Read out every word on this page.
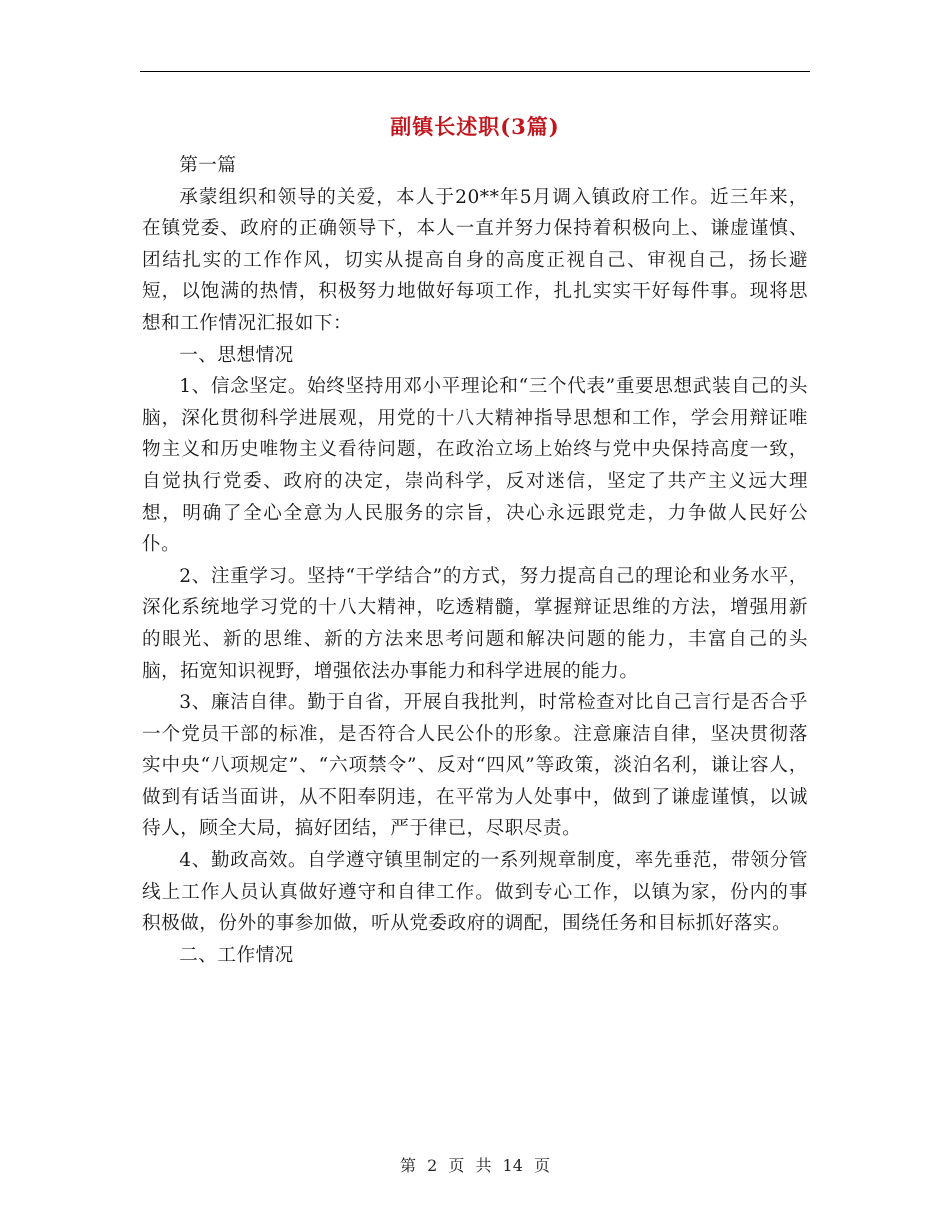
副镇长述职(3篇)

第一篇

承蒙组织和领导的关爱，本人于20**年5月调入镇政府工作。近三年来，在镇党委、政府的正确领导下，本人一直并努力保持着积极向上、谦虚谨慎、团结扎实的工作作风，切实从提高自身的高度正视自己、审视自己，扬长避短，以饱满的热情，积极努力地做好每项工作，扎扎实实干好每件事。现将思想和工作情况汇报如下：

一、思想情况

1、信念坚定。始终坚持用邓小平理论和“三个代表”重要思想武装自己的头脑，深化贯彻科学进展观，用党的十八大精神指导思想和工作，学会用辩证唯物主义和历史唯物主义看待问题，在政治立场上始终与党中央保持高度一致，自觉执行党委、政府的决定，崇尚科学，反对迷信，坚定了共产主义远大理想，明确了全心全意为人民服务的宗旨，决心永远跟党走，力争做人民好公仆。

2、注重学习。坚持“干学结合”的方式，努力提高自己的理论和业务水平，深化系统地学习党的十八大精神，吃透精髓，掌握辩证思维的方法，增强用新的眼光、新的思维、新的方法来思考问题和解决问题的能力，丰富自己的头脑，拓宽知识视野，增强依法办事能力和科学进展的能力。

3、廉洁自律。勤于自省，开展自我批判，时常检查对比自己言行是否合乎一个党员干部的标准，是否符合人民公仆的形象。注意廉洁自律，坚决贯彻落实中央“八项规定”、“六项禁令”、反对“四风”等政策，淡泊名利，谦让容人，做到有话当面讲，从不阳奉阴违，在平常为人处事中，做到了谦虚谨慎，以诚待人，顾全大局，搞好团结，严于律已，尽职尽责。

4、勤政高效。自学遵守镇里制定的一系列规章制度，率先垂范，带领分管线上工作人员认真做好遵守和自律工作。做到专心工作，以镇为家，份内的事积极做，份外的事参加做，听从党委政府的调配，围绕任务和目标抓好落实。

二、工作情况

第 2 页 共 14 页
